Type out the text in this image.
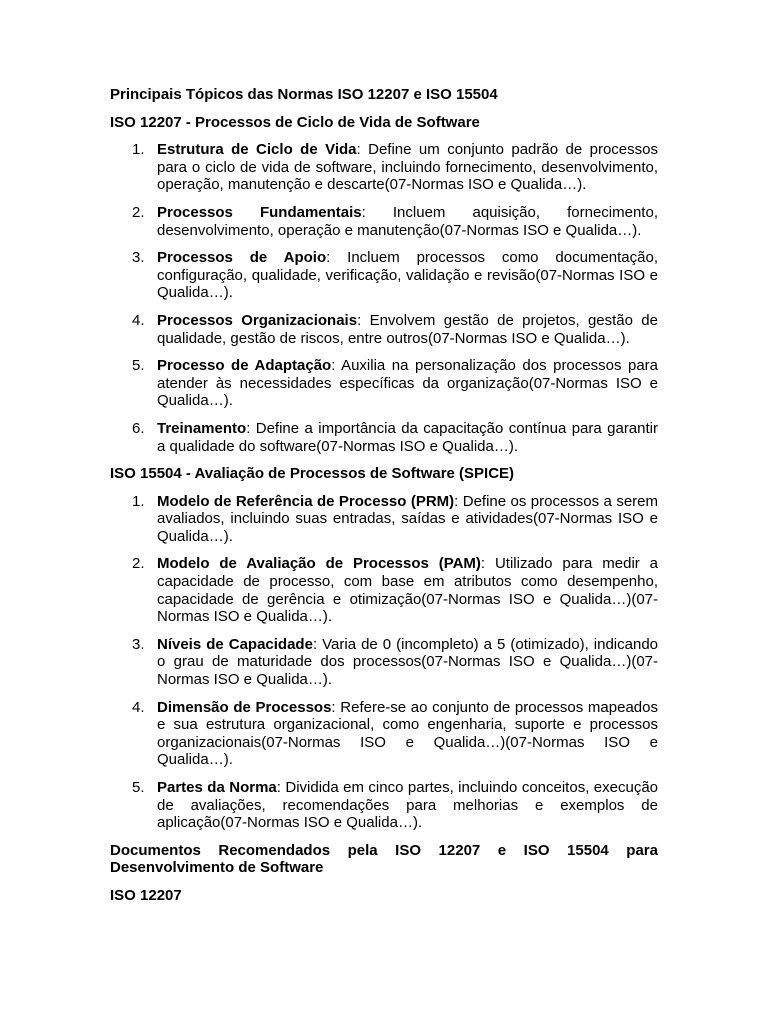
Principais Tópicos das Normas ISO 12207 e ISO 15504

ISO 12207 - Processos de Ciclo de Vida de Software

1. Estrutura de Ciclo de Vida: Define um conjunto padrão de processos para o ciclo de vida de software, incluindo fornecimento, desenvolvimento, operação, manutenção e descarte(07-Normas ISO e Qualida…).
2. Processos Fundamentais: Incluem aquisição, fornecimento, desenvolvimento, operação e manutenção(07-Normas ISO e Qualida…).
3. Processos de Apoio: Incluem processos como documentação, configuração, qualidade, verificação, validação e revisão(07-Normas ISO e Qualida…).
4. Processos Organizacionais: Envolvem gestão de projetos, gestão de qualidade, gestão de riscos, entre outros(07-Normas ISO e Qualida…).
5. Processo de Adaptação: Auxilia na personalização dos processos para atender às necessidades específicas da organização(07-Normas ISO e Qualida…).
6. Treinamento: Define a importância da capacitação contínua para garantir a qualidade do software(07-Normas ISO e Qualida…).

ISO 15504 - Avaliação de Processos de Software (SPICE)

1. Modelo de Referência de Processo (PRM): Define os processos a serem avaliados, incluindo suas entradas, saídas e atividades(07-Normas ISO e Qualida…).
2. Modelo de Avaliação de Processos (PAM): Utilizado para medir a capacidade de processo, com base em atributos como desempenho, capacidade de gerência e otimização(07-Normas ISO e Qualida…)(07-Normas ISO e Qualida…).
3. Níveis de Capacidade: Varia de 0 (incompleto) a 5 (otimizado), indicando o grau de maturidade dos processos(07-Normas ISO e Qualida…)(07-Normas ISO e Qualida…).
4. Dimensão de Processos: Refere-se ao conjunto de processos mapeados e sua estrutura organizacional, como engenharia, suporte e processos organizacionais(07-Normas ISO e Qualida…)(07-Normas ISO e Qualida…).
5. Partes da Norma: Dividida em cinco partes, incluindo conceitos, execução de avaliações, recomendações para melhorias e exemplos de aplicação(07-Normas ISO e Qualida…).

Documentos Recomendados pela ISO 12207 e ISO 15504 para Desenvolvimento de Software

ISO 12207
